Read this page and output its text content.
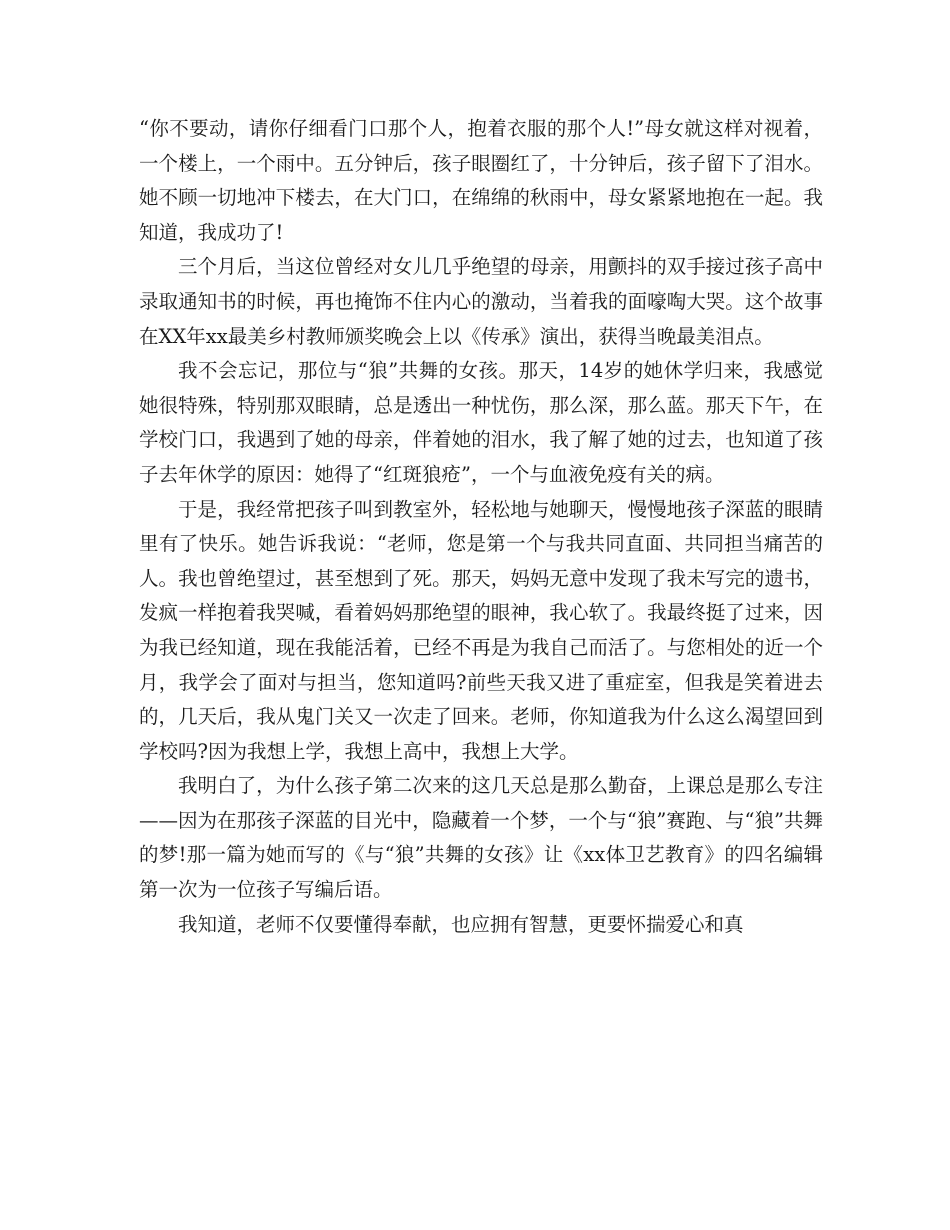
“你不要动，请你仔细看门口那个人，抱着衣服的那个人!”母女就这样对视着，一个楼上，一个雨中。五分钟后，孩子眼圈红了，十分钟后，孩子留下了泪水。她不顾一切地冲下楼去，在大门口，在绵绵的秋雨中，母女紧紧地抱在一起。我知道，我成功了!

三个月后，当这位曾经对女儿几乎绝望的母亲，用颤抖的双手接过孩子高中录取通知书的时候，再也掩饰不住内心的激动，当着我的面嚎啕大哭。这个故事在XX年xx最美乡村教师颁奖晚会上以《传承》演出，获得当晚最美泪点。

我不会忘记，那位与“狼”共舞的女孩。那天，14岁的她休学归来，我感觉她很特殊，特别那双眼睛，总是透出一种忧伤，那么深，那么蓝。那天下午，在学校门口，我遇到了她的母亲，伴着她的泪水，我了解了她的过去，也知道了孩子去年休学的原因：她得了“红斑狼疮”，一个与血液免疫有关的病。

于是，我经常把孩子叫到教室外，轻松地与她聊天，慢慢地孩子深蓝的眼睛里有了快乐。她告诉我说：“老师，您是第一个与我共同直面、共同担当痛苦的人。我也曾绝望过，甚至想到了死。那天，妈妈无意中发现了我未写完的遗书，发疯一样抱着我哭喊，看着妈妈那绝望的眼神，我心软了。我最终挺了过来，因为我已经知道，现在我能活着，已经不再是为我自己而活了。与您相处的近一个月，我学会了面对与担当，您知道吗?前些天我又进了重症室，但我是笑着进去的，几天后，我从鬼门关又一次走了回来。老师，你知道我为什么这么渴望回到学校吗?因为我想上学，我想上高中，我想上大学。

我明白了，为什么孩子第二次来的这几天总是那么勤奋，上课总是那么专注——因为在那孩子深蓝的目光中，隐藏着一个梦，一个与“狼”赛跑、与“狼”共舞的梦!那一篇为她而写的《与“狼”共舞的女孩》让《xx体卫艺教育》的四名编辑第一次为一位孩子写编后语。

我知道，老师不仅要懂得奉献，也应拥有智慧，更要怀揣爱心和真
